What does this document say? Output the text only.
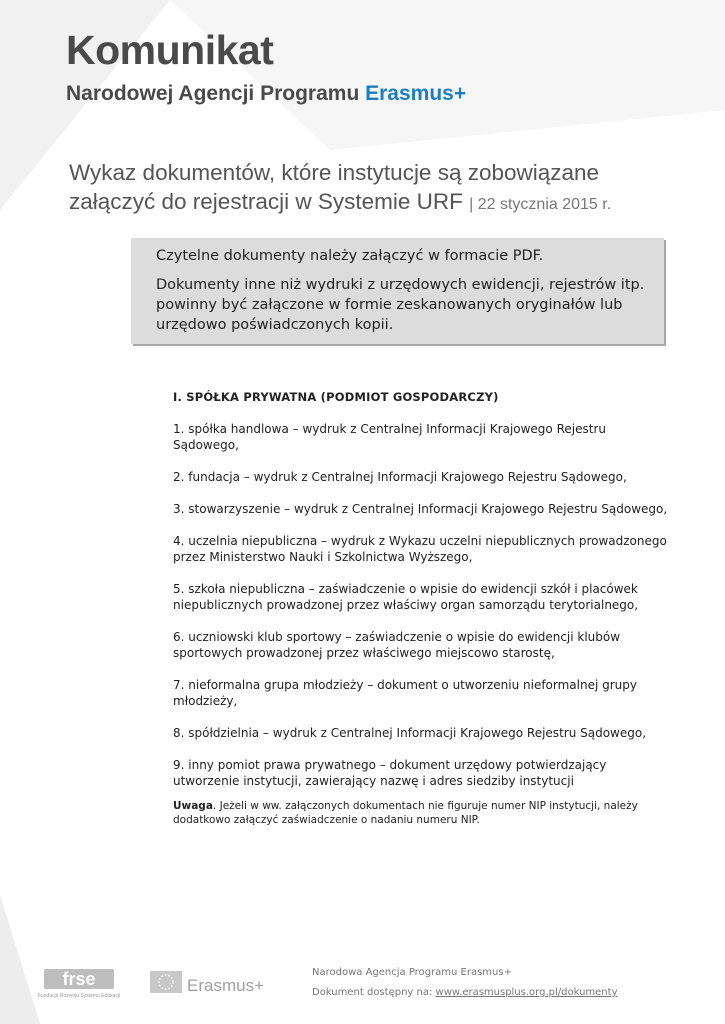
Komunikat
Narodowej Agencji Programu Erasmus+
Wykaz dokumentów, które instytucje są zobowiązane
załączyć do rejestracji w Systemie URF | 22 stycznia 2015 r.

Czytelne dokumenty należy załączyć w formacie PDF.

Dokumenty inne niż wydruki z urzędowych ewidencji, rejestrów itp. powinny być załączone w formie zeskanowanych oryginałów lub urzędowo poświadczonych kopii.

I. SPÓŁKA PRYWATNA (PODMIOT GOSPODARCZY)
1. spółka handlowa – wydruk z Centralnej Informacji Krajowego Rejestru Sądowego,
2. fundacja – wydruk z Centralnej Informacji Krajowego Rejestru Sądowego,
3. stowarzyszenie – wydruk z Centralnej Informacji Krajowego Rejestru Sądowego,
4. uczelnia niepubliczna – wydruk z Wykazu uczelni niepublicznych prowadzonego przez Ministerstwo Nauki i Szkolnictwa Wyższego,
5. szkoła niepubliczna – zaświadczenie o wpisie do ewidencji szkół i placówek niepublicznych prowadzonej przez właściwy organ samorządu terytorialnego,
6. uczniowski klub sportowy – zaświadczenie o wpisie do ewidencji klubów sportowych prowadzonej przez właściwego miejscowo starostę,
7. nieformalna grupa młodzieży – dokument o utworzeniu nieformalnej grupy młodzieży,
8. spółdzielnia – wydruk z Centralnej Informacji Krajowego Rejestru Sądowego,
9. inny pomiot prawa prywatnego – dokument urzędowy potwierdzający utworzenie instytucji, zawierający nazwę i adres siedziby instytucji
Uwaga. Jeżeli w ww. załączonych dokumentach nie figuruje numer NIP instytucji, należy dodatkowo załączyć zaświadczenie o nadaniu numeru NIP.
frse
Fundacja Rozwoju Systemu Edukacji
Erasmus+
Narodowa Agencja Programu Erasmus+
Dokument dostępny na: www.erasmusplus.org.pl/dokumenty
